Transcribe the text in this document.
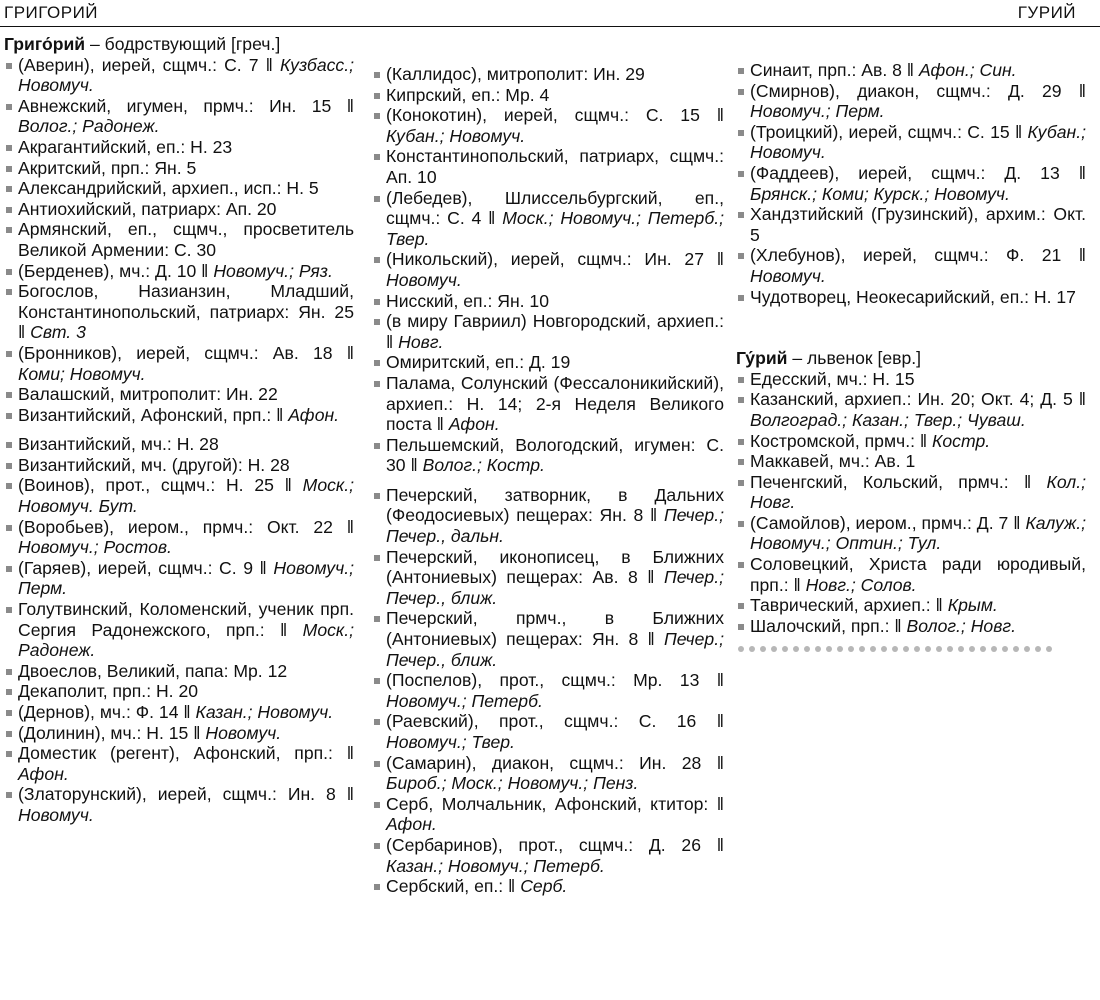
ГРИГОРИЙ	ГУРИЙ
Григо́рий – бодрствующий [греч.]
(Аверин), иерей, сщмч.: С. 7 ‖ Кузбасс.; Новомуч.
Авнежский, игумен, прмч.: Ин. 15 ‖ Волог.; Радонеж.
Акрагантийский, еп.: Н. 23
Акритский, прп.: Ян. 5
Александрийский, архиеп., исп.: Н. 5
Антиохийский, патриарх: Ап. 20
Армянский, еп., сщмч., просветитель Великой Армении: С. 30
(Берденев), мч.: Д. 10 ‖ Новомуч.; Ряз.
Богослов, Назианзин, Младший, Константинопольский, патриарх: Ян. 25 ‖ Свт. 3
(Бронников), иерей, сщмч.: Ав. 18 ‖ Коми; Новомуч.
Валашский, митрополит: Ин. 22
Византийский, Афонский, прп.: ‖ Афон.
Византийский, мч.: Н. 28
Византийский, мч. (другой): Н. 28
(Воинов), прот., сщмч.: Н. 25 ‖ Моск.; Новомуч. Бут.
(Воробьев), иером., прмч.: Окт. 22 ‖ Новомуч.; Ростов.
(Гаряев), иерей, сщмч.: С. 9 ‖ Новомуч.; Перм.
Голутвинский, Коломенский, ученик прп. Сергия Радонежского, прп.: ‖ Моск.; Радонеж.
Двоеслов, Великий, папа: Мр. 12
Декаполит, прп.: Н. 20
(Дернов), мч.: Ф. 14 ‖ Казан.; Новомуч.
(Долинин), мч.: Н. 15 ‖ Новомуч.
Доместик (регент), Афонский, прп.: ‖ Афон.
(Златорунский), иерей, сщмч.: Ин. 8 ‖ Новомуч.
(Каллидос), митрополит: Ин. 29
Кипрский, еп.: Мр. 4
(Конокотин), иерей, сщмч.: С. 15 ‖ Кубан.; Новомуч.
Константинопольский, патриарх, сщмч.: Ап. 10
(Лебедев), Шлиссельбургский, еп., сщмч.: С. 4 ‖ Моск.; Новомуч.; Петерб.; Твер.
(Никольский), иерей, сщмч.: Ин. 27 ‖ Новомуч.
Нисский, еп.: Ян. 10
(в миру Гавриил) Новгородский, архиеп.: ‖ Новг.
Омиритский, еп.: Д. 19
Палама, Солунский (Фессалоникийский), архиеп.: Н. 14; 2-я Неделя Великого поста ‖ Афон.
Пельшемский, Вологодский, игумен: С. 30 ‖ Волог.; Костр.
Печерский, затворник, в Дальних (Феодосиевых) пещерах: Ян. 8 ‖ Печер.; Печер., дальн.
Печерский, иконописец, в Ближних (Антониевых) пещерах: Ав. 8 ‖ Печер.; Печер., ближ.
Печерский, прмч., в Ближних (Антониевых) пещерах: Ян. 8 ‖ Печер.; Печер., ближ.
(Поспелов), прот., сщмч.: Мр. 13 ‖ Новомуч.; Петерб.
(Раевский), прот., сщмч.: С. 16 ‖ Новомуч.; Твер.
(Самарин), диакон, сщмч.: Ин. 28 ‖ Бироб.; Моск.; Новомуч.; Пенз.
Серб, Молчальник, Афонский, ктитор: ‖ Афон.
(Сербаринов), прот., сщмч.: Д. 26 ‖ Казан.; Новомуч.; Петерб.
Сербский, еп.: ‖ Серб.
Синаит, прп.: Ав. 8 ‖ Афон.; Син.
(Смирнов), диакон, сщмч.: Д. 29 ‖ Новомуч.; Перм.
(Троицкий), иерей, сщмч.: С. 15 ‖ Кубан.; Новомуч.
(Фаддеев), иерей, сщмч.: Д. 13 ‖ Брянск.; Коми; Курск.; Новомуч.
Хандзтийский (Грузинский), архим.: Окт. 5
(Хлебунов), иерей, сщмч.: Ф. 21 ‖ Новомуч.
Чудотворец, Неокесарийский, еп.: Н. 17
Гу́рий – львенок [евр.]
Едесский, мч.: Н. 15
Казанский, архиеп.: Ин. 20; Окт. 4; Д. 5 ‖ Волгоград.; Казан.; Твер.; Чуваш.
Костромской, прмч.: ‖ Костр.
Маккавей, мч.: Ав. 1
Печенгский, Кольский, прмч.: ‖ Кол.; Новг.
(Самойлов), иером., прмч.: Д. 7 ‖ Калуж.; Новомуч.; Оптин.; Тул.
Соловецкий, Христа ради юродивый, прп.: ‖ Новг.; Солов.
Таврический, архиеп.: ‖ Крым.
Шалочский, прп.: ‖ Волог.; Новг.
